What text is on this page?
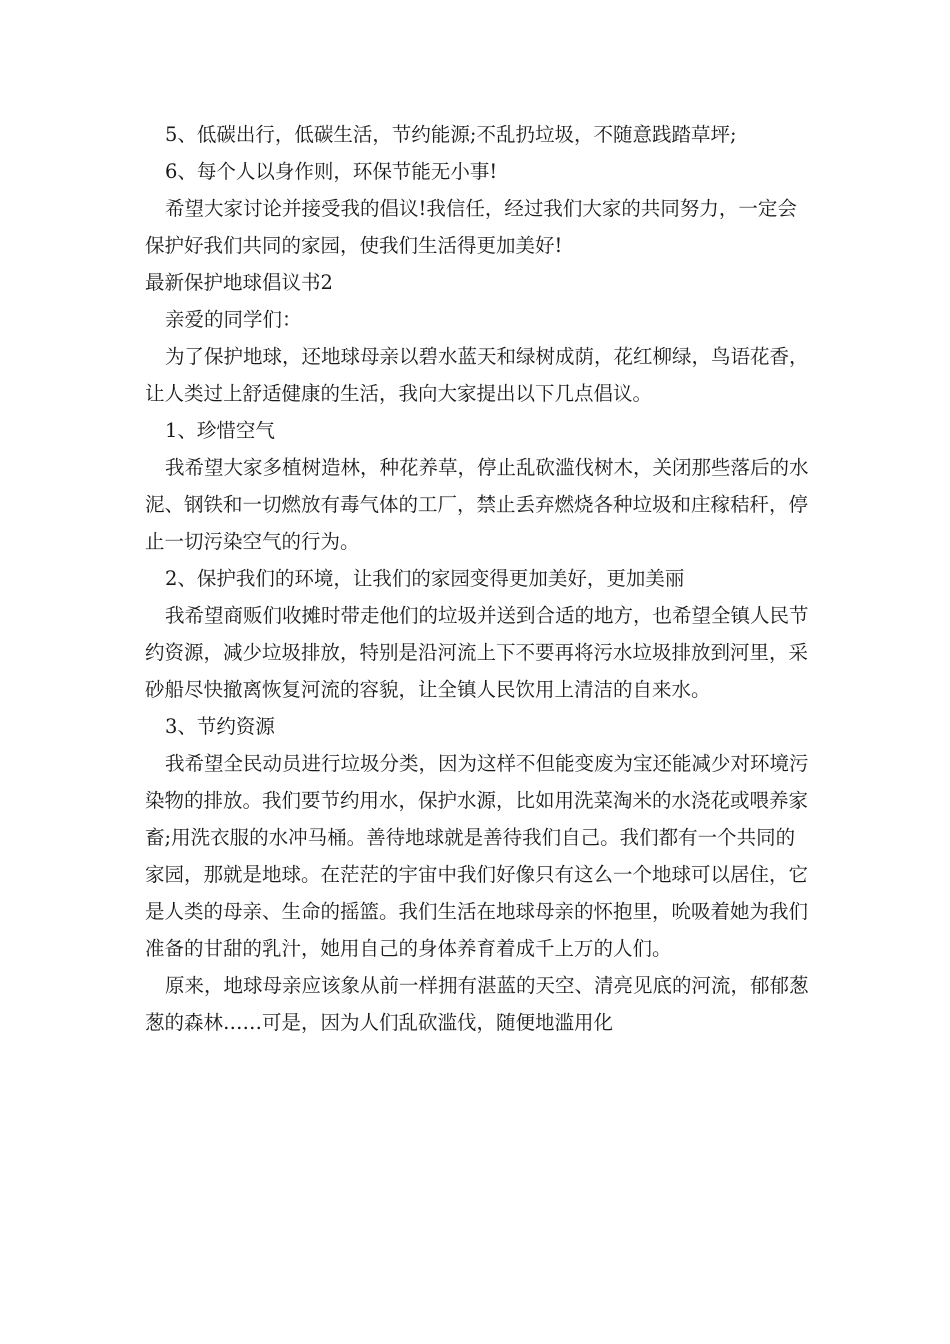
5、低碳出行，低碳生活，节约能源;不乱扔垃圾，不随意践踏草坪;

6、每个人以身作则，环保节能无小事!

希望大家讨论并接受我的倡议!我信任，经过我们大家的共同努力，一定会保护好我们共同的家园，使我们生活得更加美好!

最新保护地球倡议书2

亲爱的同学们：

为了保护地球，还地球母亲以碧水蓝天和绿树成荫，花红柳绿，鸟语花香，让人类过上舒适健康的生活，我向大家提出以下几点倡议。

1、珍惜空气

我希望大家多植树造林，种花养草，停止乱砍滥伐树木，关闭那些落后的水泥、钢铁和一切燃放有毒气体的工厂，禁止丢弃燃烧各种垃圾和庄稼秸秆，停止一切污染空气的行为。

2、保护我们的环境，让我们的家园变得更加美好，更加美丽

我希望商贩们收摊时带走他们的垃圾并送到合适的地方，也希望全镇人民节约资源，减少垃圾排放，特别是沿河流上下不要再将污水垃圾排放到河里，采砂船尽快撤离恢复河流的容貌，让全镇人民饮用上清洁的自来水。

3、节约资源

我希望全民动员进行垃圾分类，因为这样不但能变废为宝还能减少对环境污染物的排放。我们要节约用水，保护水源，比如用洗菜淘米的水浇花或喂养家畜;用洗衣服的水冲马桶。善待地球就是善待我们自己。我们都有一个共同的家园，那就是地球。在茫茫的宇宙中我们好像只有这么一个地球可以居住，它是人类的母亲、生命的摇篮。我们生活在地球母亲的怀抱里，吮吸着她为我们准备的甘甜的乳汁，她用自己的身体养育着成千上万的人们。

原来，地球母亲应该象从前一样拥有湛蓝的天空、清亮见底的河流，郁郁葱葱的森林……可是，因为人们乱砍滥伐，随便地滥用化
